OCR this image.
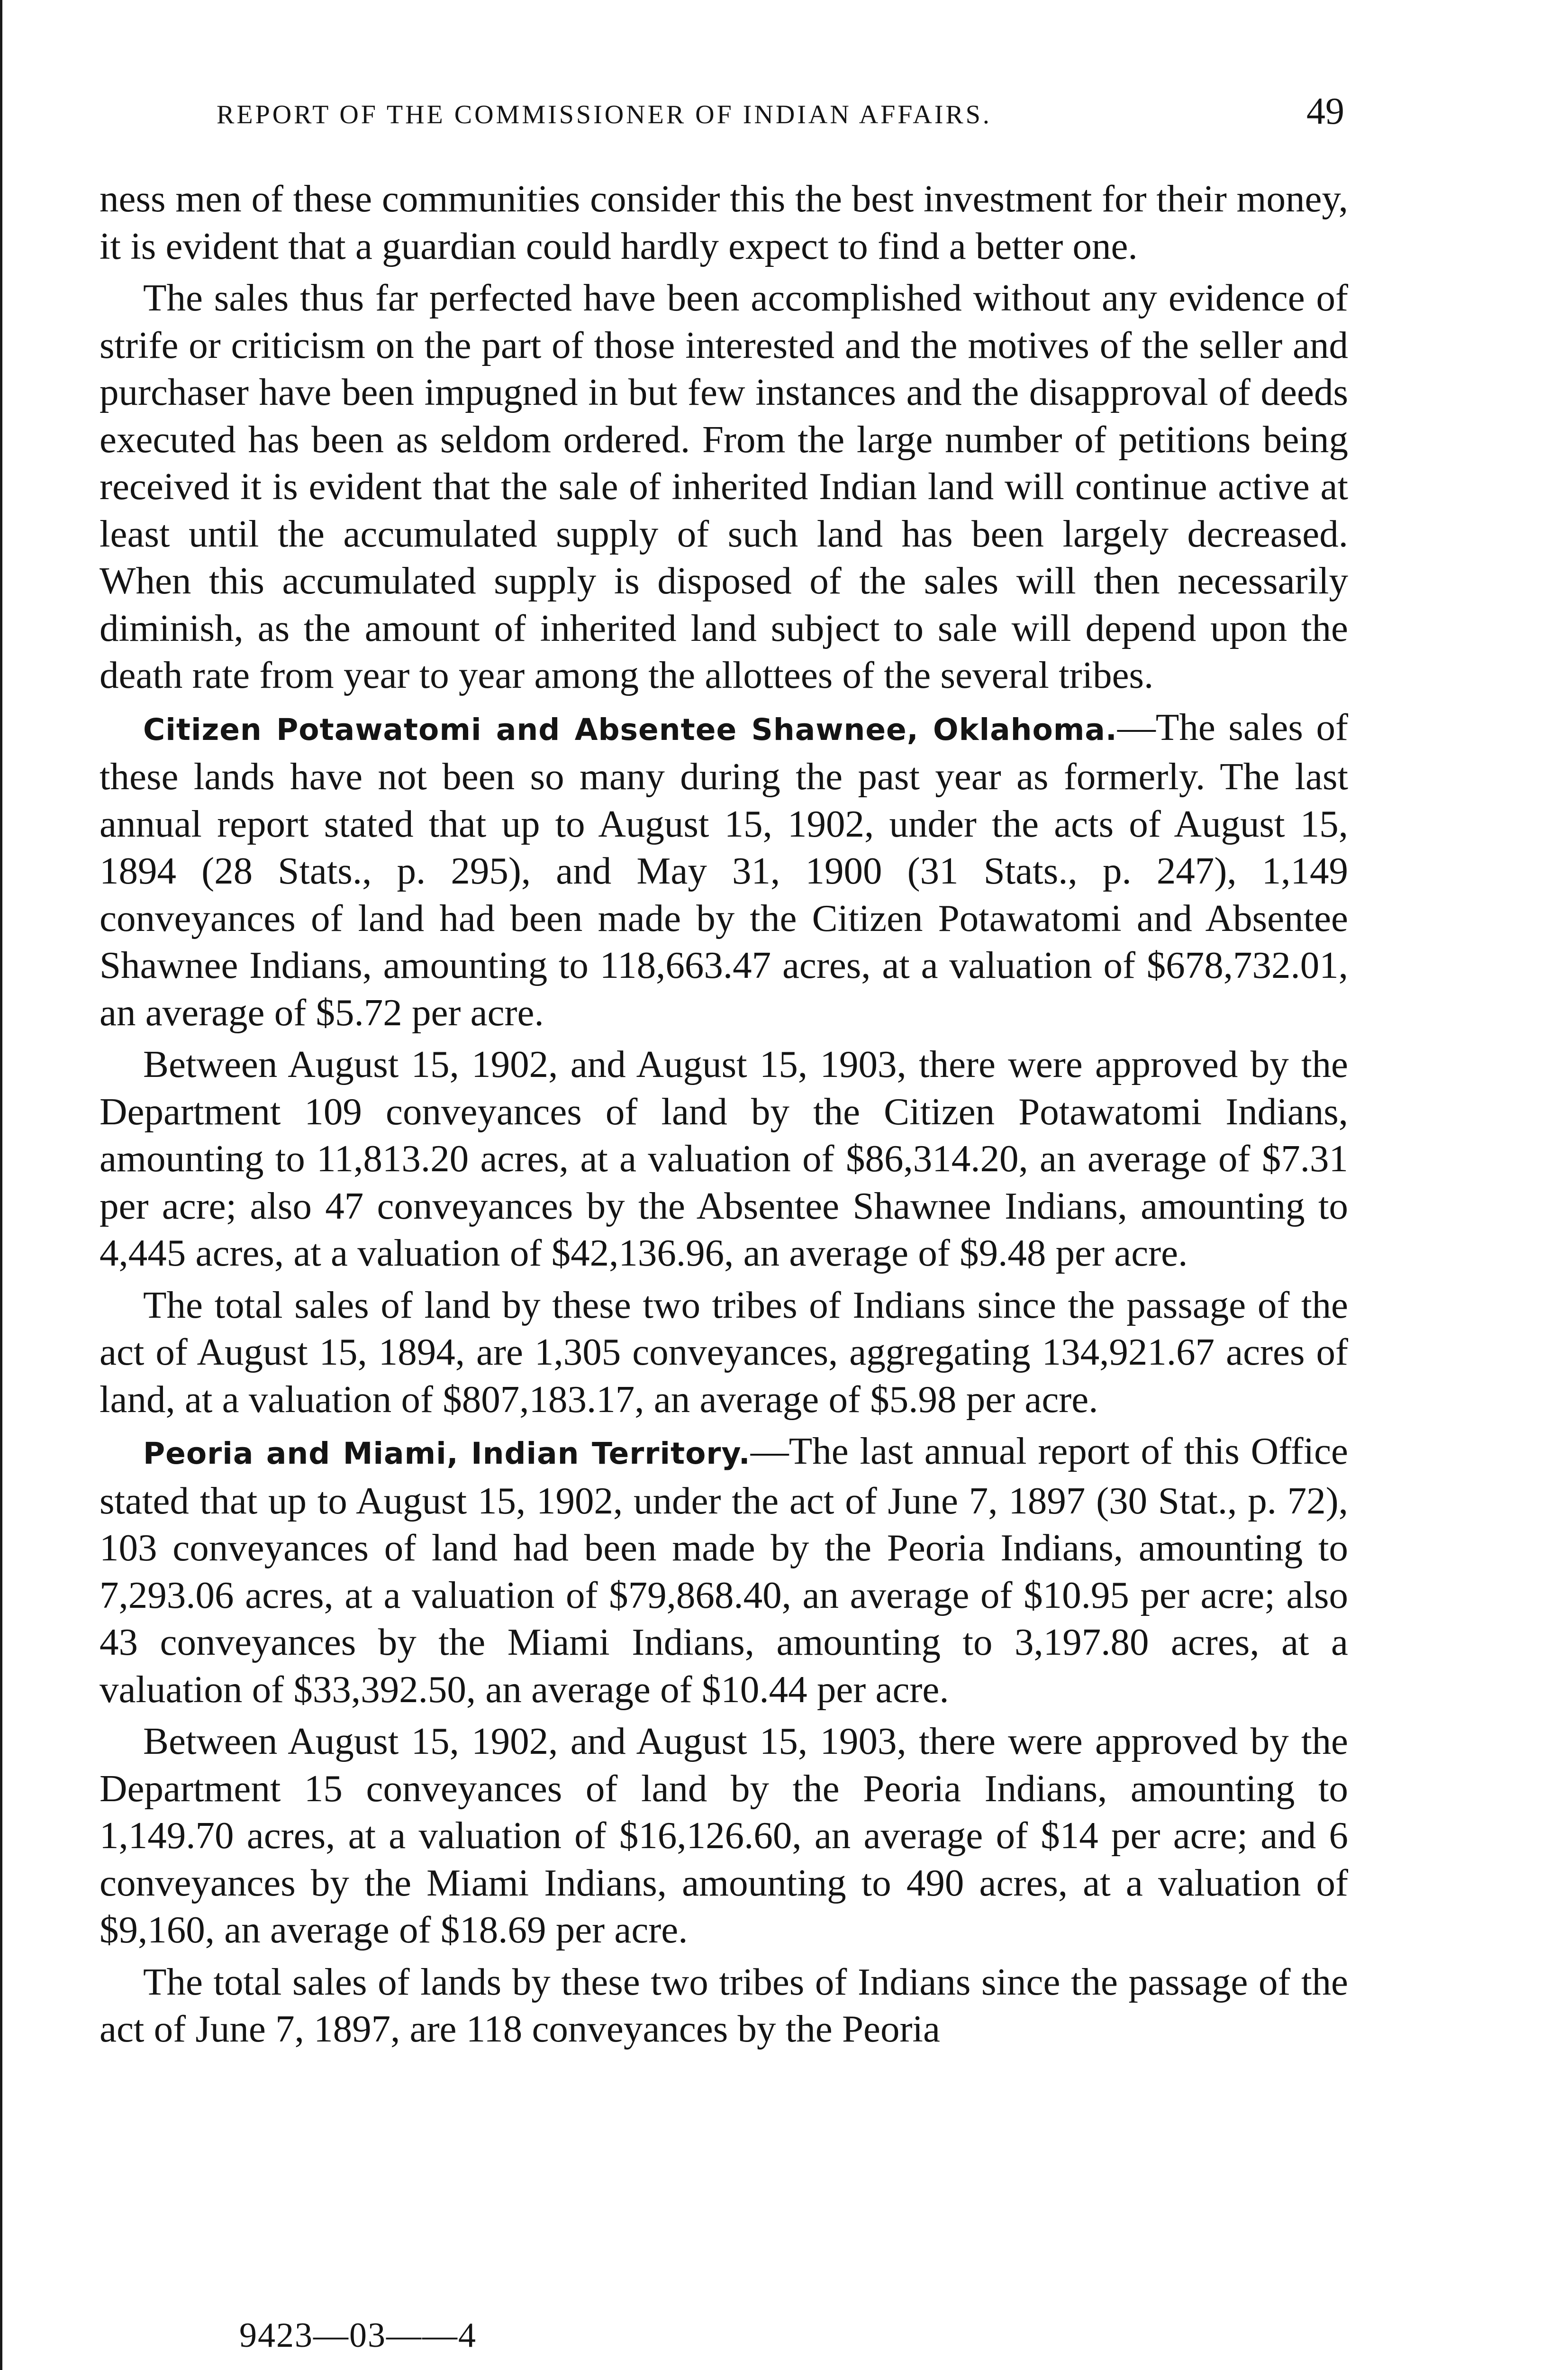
REPORT OF THE COMMISSIONER OF INDIAN AFFAIRS.	49

ness men of these communities consider this the best investment for their money, it is evident that a guardian could hardly expect to find a better one.

The sales thus far perfected have been accomplished without any evidence of strife or criticism on the part of those interested and the motives of the seller and purchaser have been impugned in but few instances and the disapproval of deeds executed has been as seldom ordered. From the large number of petitions being received it is evident that the sale of inherited Indian land will continue active at least until the accumulated supply of such land has been largely decreased. When this accumulated supply is disposed of the sales will then necessarily diminish, as the amount of inherited land subject to sale will depend upon the death rate from year to year among the allottees of the several tribes.

Citizen Potawatomi and Absentee Shawnee, Oklahoma.—The sales of these lands have not been so many during the past year as formerly. The last annual report stated that up to August 15, 1902, under the acts of August 15, 1894 (28 Stats., p. 295), and May 31, 1900 (31 Stats., p. 247), 1,149 conveyances of land had been made by the Citizen Potawatomi and Absentee Shawnee Indians, amounting to 118,663.47 acres, at a valuation of $678,732.01, an average of $5.72 per acre.

Between August 15, 1902, and August 15, 1903, there were approved by the Department 109 conveyances of land by the Citizen Potawatomi Indians, amounting to 11,813.20 acres, at a valuation of $86,314.20, an average of $7.31 per acre; also 47 conveyances by the Absentee Shawnee Indians, amounting to 4,445 acres, at a valuation of $42,136.96, an average of $9.48 per acre.

The total sales of land by these two tribes of Indians since the passage of the act of August 15, 1894, are 1,305 conveyances, aggregating 134,921.67 acres of land, at a valuation of $807,183.17, an average of $5.98 per acre.

Peoria and Miami, Indian Territory.—The last annual report of this Office stated that up to August 15, 1902, under the act of June 7, 1897 (30 Stat., p. 72), 103 conveyances of land had been made by the Peoria Indians, amounting to 7,293.06 acres, at a valuation of $79,868.40, an average of $10.95 per acre; also 43 conveyances by the Miami Indians, amounting to 3,197.80 acres, at a valuation of $33,392.50, an average of $10.44 per acre.

Between August 15, 1902, and August 15, 1903, there were approved by the Department 15 conveyances of land by the Peoria Indians, amounting to 1,149.70 acres, at a valuation of $16,126.60, an average of $14 per acre; and 6 conveyances by the Miami Indians, amounting to 490 acres, at a valuation of $9,160, an average of $18.69 per acre.

The total sales of lands by these two tribes of Indians since the passage of the act of June 7, 1897, are 118 conveyances by the Peoria

9423—03——4
